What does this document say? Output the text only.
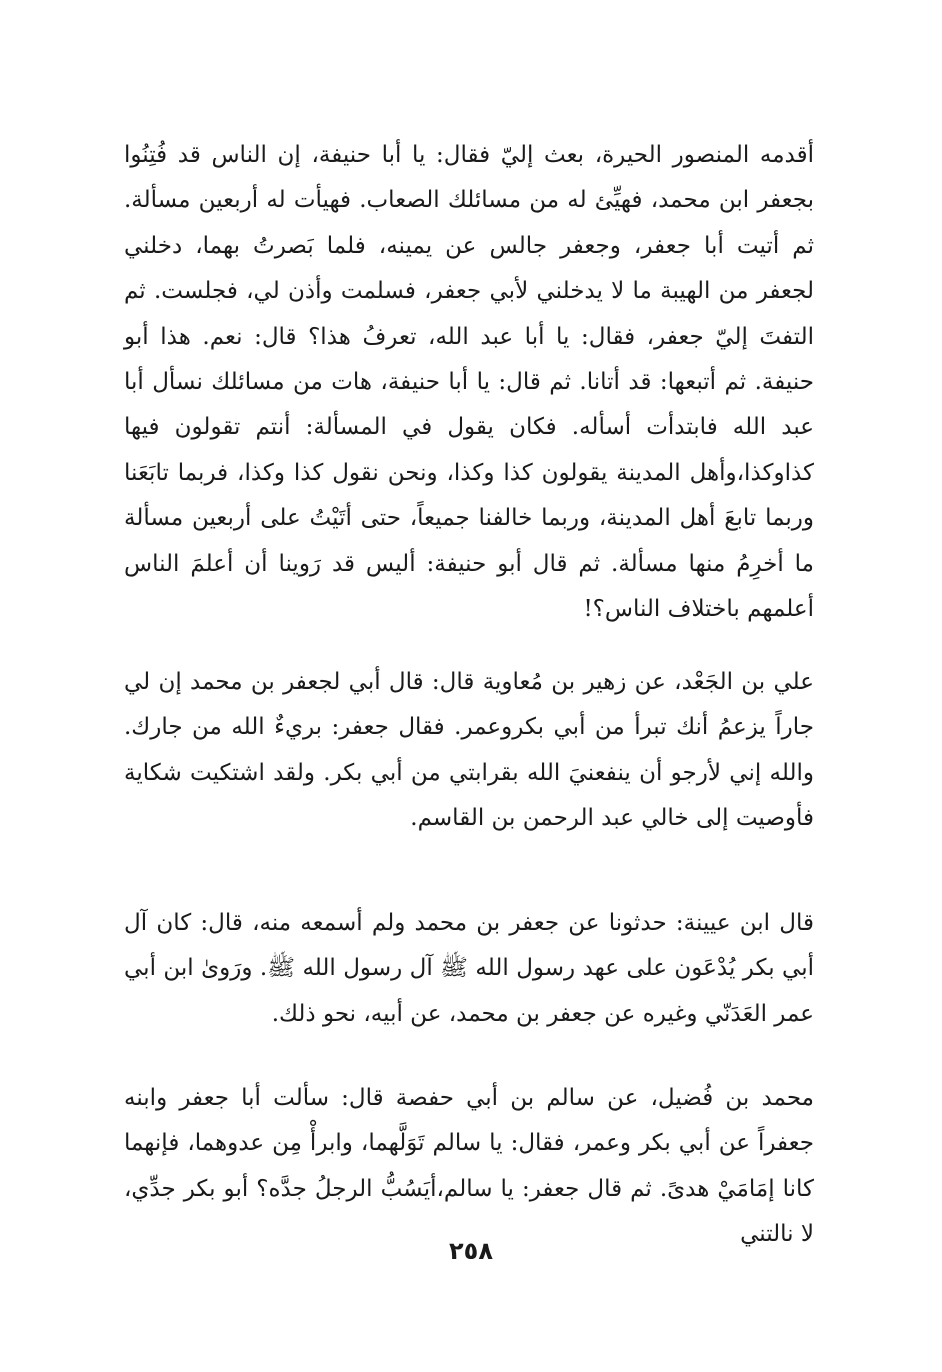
أقدمه المنصور الحيرة، بعث إليّ فقال: يا أبا حنيفة، إن الناس قد فُتِنُوا بجعفر ابن محمد، فهيِّئ له من مسائلك الصعاب. فهيأت له أربعين مسألة. ثم أتيت أبا جعفر، وجعفر جالس عن يمينه، فلما بَصرتُ بهما، دخلني لجعفر من الهيبة ما لا يدخلني لأبي جعفر، فسلمت وأذن لي، فجلست. ثم التفتَ إليّ جعفر، فقال: يا أبا عبد الله، تعرفُ هذا؟ قال: نعم. هذا أبو حنيفة. ثم أتبعها: قد أتانا. ثم قال: يا أبا حنيفة، هات من مسائلك نسأل أبا عبد الله فابتدأت أسأله. فكان يقول في المسألة: أنتم تقولون فيها كذاوكذا،وأهل المدينة يقولون كذا وكذا، ونحن نقول كذا وكذا، فربما تابَعَنا وربما تابعَ أهل المدينة، وربما خالفنا جميعاً، حتى أتَيْتُ على أربعين مسألة ما أخرِمُ منها مسألة. ثم قال أبو حنيفة: أليس قد رَوينا أن أعلمَ الناس أعلمهم باختلاف الناس؟!

علي بن الجَعْد، عن زهير بن مُعاوية قال: قال أبي لجعفر بن محمد إن لي جاراً يزعمُ أنك تبرأ من أبي بكروعمر. فقال جعفر: بريءٌ الله من جارك. والله إني لأرجو أن ينفعنيَ الله بقرابتي من أبي بكر. ولقد اشتكيت شكاية فأوصيت إلى خالي عبد الرحمن بن القاسم.

قال ابن عيينة: حدثونا عن جعفر بن محمد ولم أسمعه منه، قال: كان آل أبي بكر يُدْعَون على عهد رسول الله ﷺ آل رسول الله ﷺ. ورَوىٰ ابن أبي عمر العَدَنّي وغيره عن جعفر بن محمد، عن أبيه، نحو ذلك.

محمد بن فُضيل، عن سالم بن أبي حفصة قال: سألت أبا جعفر وابنه جعفراً عن أبي بكر وعمر، فقال: يا سالم تَوَلَّهما، وابرأْ مِن عدوهما، فإنهما كانا إمَامَيْ هدىً. ثم قال جعفر: يا سالم،أيَسُبُّ الرجلُ جدَّه؟ أبو بكر جدِّي، لا نالتني

٢٥٨
